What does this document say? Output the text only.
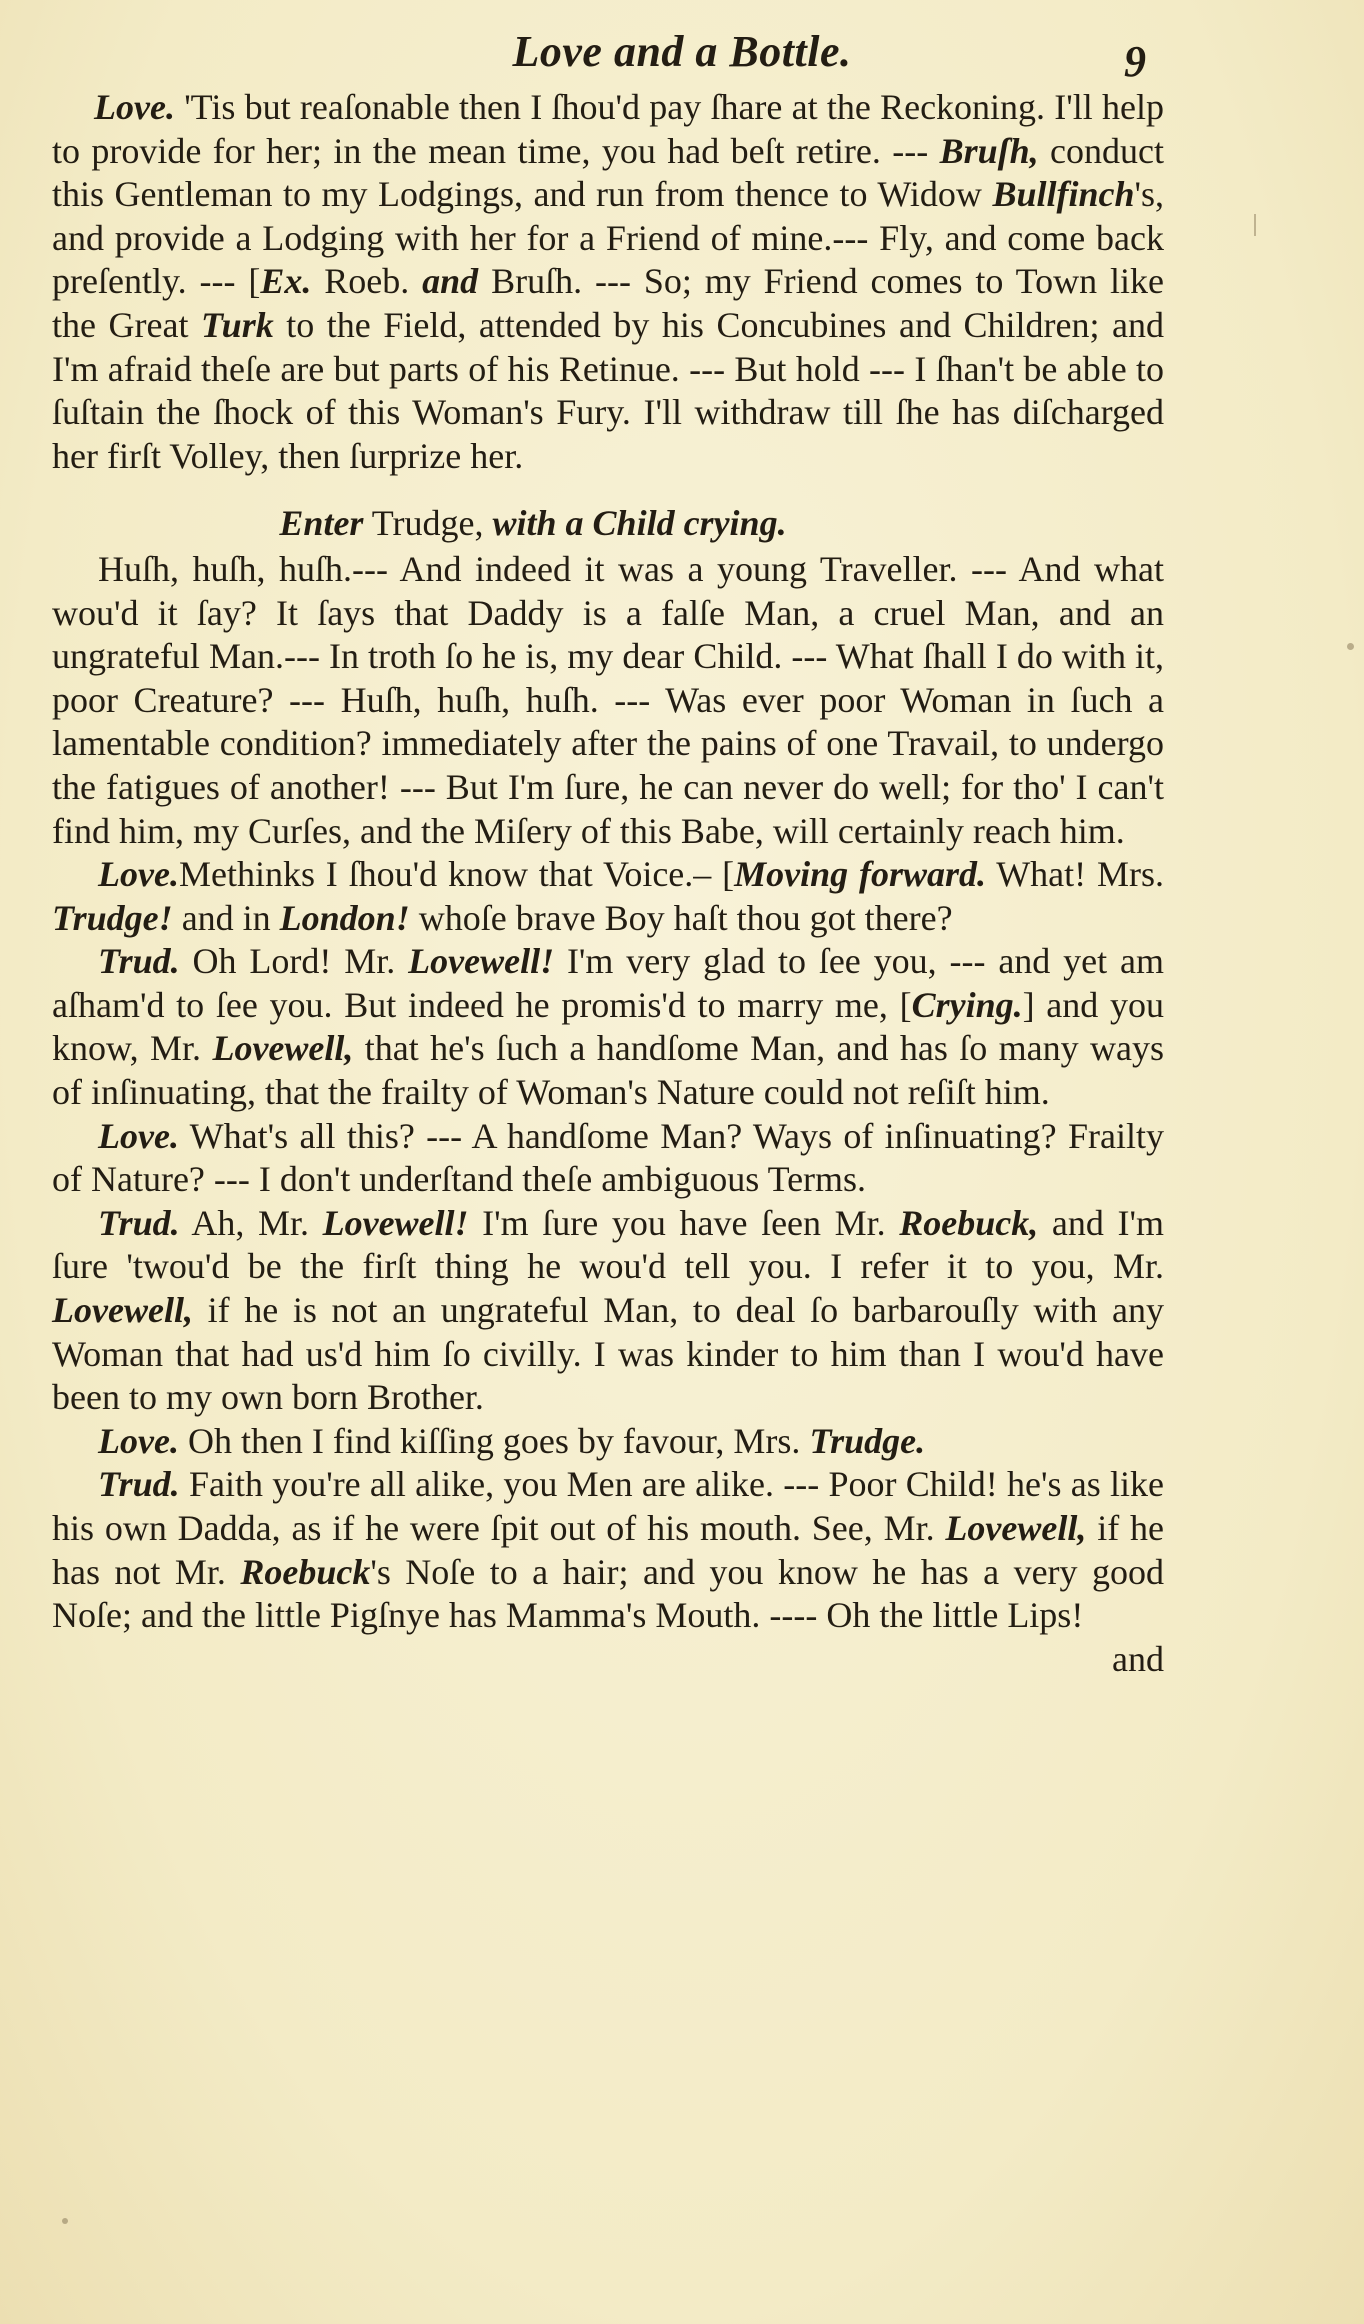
Love and a Bottle.	9

Love. 'Tis but reaſonable then I ſhou'd pay ſhare at the Reckoning. I'll help to provide for her; in the mean time, you had beſt retire. --- Bruſh, conduct this Gentleman to my Lodgings, and run from thence to Widow Bullfinch's, and provide a Lodging with her for a Friend of mine.--- Fly, and come back preſently. --- [Ex. Roeb. and Bruſh. --- So; my Friend comes to Town like the Great Turk to the Field, attended by his Concubines and Children; and I'm afraid theſe are but parts of his Retinue. --- But hold --- I ſhan't be able to ſuſtain the ſhock of this Woman's Fury. I'll withdraw till ſhe has diſcharged her firſt Volley, then ſurprize her.

Enter Trudge, with a Child crying.

Huſh, huſh, huſh.--- And indeed it was a young Traveller. --- And what wou'd it ſay? It ſays that Daddy is a falſe Man, a cruel Man, and an ungrateful Man.--- In troth ſo he is, my dear Child. --- What ſhall I do with it, poor Creature? --- Huſh, huſh, huſh. --- Was ever poor Woman in ſuch a lamentable condition? immediately after the pains of one Travail, to undergo the fatigues of another! --- But I'm ſure, he can never do well; for tho' I can't find him, my Curſes, and the Miſery of this Babe, will certainly reach him.

Love.Methinks I ſhou'd know that Voice.– [Moving forward. What! Mrs. Trudge! and in London! whoſe brave Boy haſt thou got there?

Trud. Oh Lord! Mr. Lovewell! I'm very glad to ſee you, --- and yet am aſham'd to ſee you. But indeed he promis'd to marry me, [Crying.] and you know, Mr. Lovewell, that he's ſuch a handſome Man, and has ſo many ways of inſinuating, that the frailty of Woman's Nature could not reſiſt him.

Love. What's all this? --- A handſome Man? Ways of inſinuating? Frailty of Nature? --- I don't underſtand theſe ambiguous Terms.

Trud. Ah, Mr. Lovewell! I'm ſure you have ſeen Mr. Roebuck, and I'm ſure 'twou'd be the firſt thing he wou'd tell you. I refer it to you, Mr. Lovewell, if he is not an ungrateful Man, to deal ſo barbarouſly with any Woman that had us'd him ſo civilly. I was kinder to him than I wou'd have been to my own born Brother.

Love. Oh then I find kiſſing goes by favour, Mrs. Trudge.

Trud. Faith you're all alike, you Men are alike. --- Poor Child! he's as like his own Dadda, as if he were ſpit out of his mouth. See, Mr. Lovewell, if he has not Mr. Roebuck's Noſe to a hair; and you know he has a very good Noſe; and the little Pigſnye has Mamma's Mouth. ---- Oh the little Lips!

and
